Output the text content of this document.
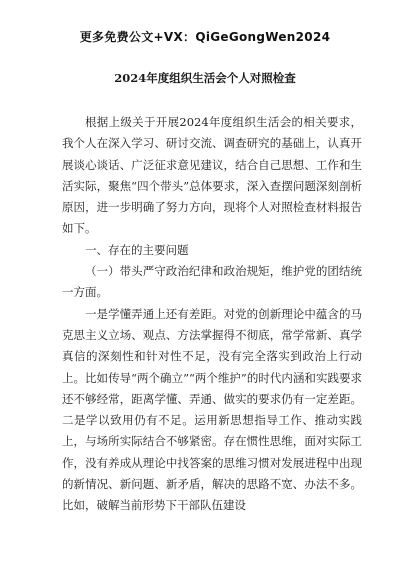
更多免费公文+VX：QiGeGongWen2024
2024年度组织生活会个人对照检查

根据上级关于开展2024年度组织生活会的相关要求，我个人在深入学习、研讨交流、调查研究的基础上，认真开展谈心谈话、广泛征求意见建议，结合自己思想、工作和生活实际，聚焦“四个带头”总体要求，深入查摆问题深刻剖析原因，进一步明确了努力方向，现将个人对照检查材料报告如下。

一、存在的主要问题

（一）带头严守政治纪律和政治规矩，维护党的团结统一方面。

一是学懂弄通上还有差距。对党的创新理论中蕴含的马克思主义立场、观点、方法掌握得不彻底，常学常新、真学真信的深刻性和针对性不足，没有完全落实到政治上行动上。比如传导“两个确立”“两个维护”的时代内涵和实践要求还不够经常，距离学懂、弄通、做实的要求仍有一定差距。二是学以致用仍有不足。运用新思想指导工作、推动实践上，与场所实际结合不够紧密。存在惯性思维，面对实际工作，没有养成从理论中找答案的思维习惯对发展进程中出现的新情况、新问题、新矛盾，解决的思路不宽、办法不多。比如，破解当前形势下干部队伍建设
